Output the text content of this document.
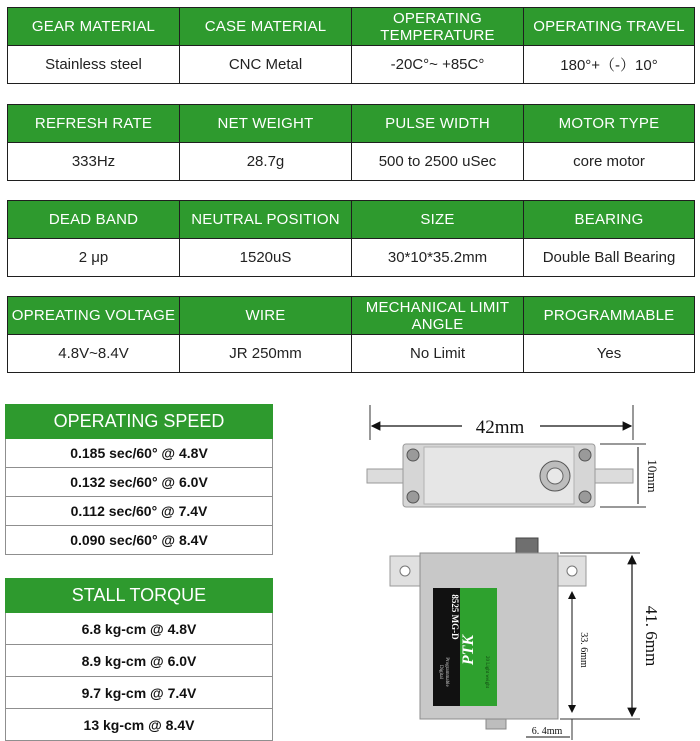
GEAR MATERIAL	CASE MATERIAL	OPERATING TEMPERATURE	OPERATING TRAVEL
Stainless steel	CNC Metal	-20C°~ +85C°	180°+（-）10°
REFRESH RATE	NET WEIGHT	PULSE WIDTH	MOTOR TYPE
333Hz	28.7g	500 to 2500 uSec	core motor
DEAD BAND	NEUTRAL POSITION	SIZE	BEARING
2 μp	1520uS	30*10*35.2mm	Double Ball Bearing
OPREATING VOLTAGE	WIRE	MECHANICAL LIMIT ANGLE	PROGRAMMABLE
4.8V~8.4V	JR 250mm	No Limit	Yes
OPERATING SPEED
0.185 sec/60° @ 4.8V
0.132 sec/60° @ 6.0V
0.112 sec/60° @ 7.4V
0.090 sec/60° @ 8.4V
STALL TORQUE
6.8 kg-cm @ 4.8V
8.9 kg-cm @ 6.0V
9.7 kg-cm @ 7.4V
13 kg-cm @ 8.4V
42mm
10mm
PTK
8525 MG-D
Digital Programmable	20 Light weight
41. 6mm
33. 6mm
6. 4mm
